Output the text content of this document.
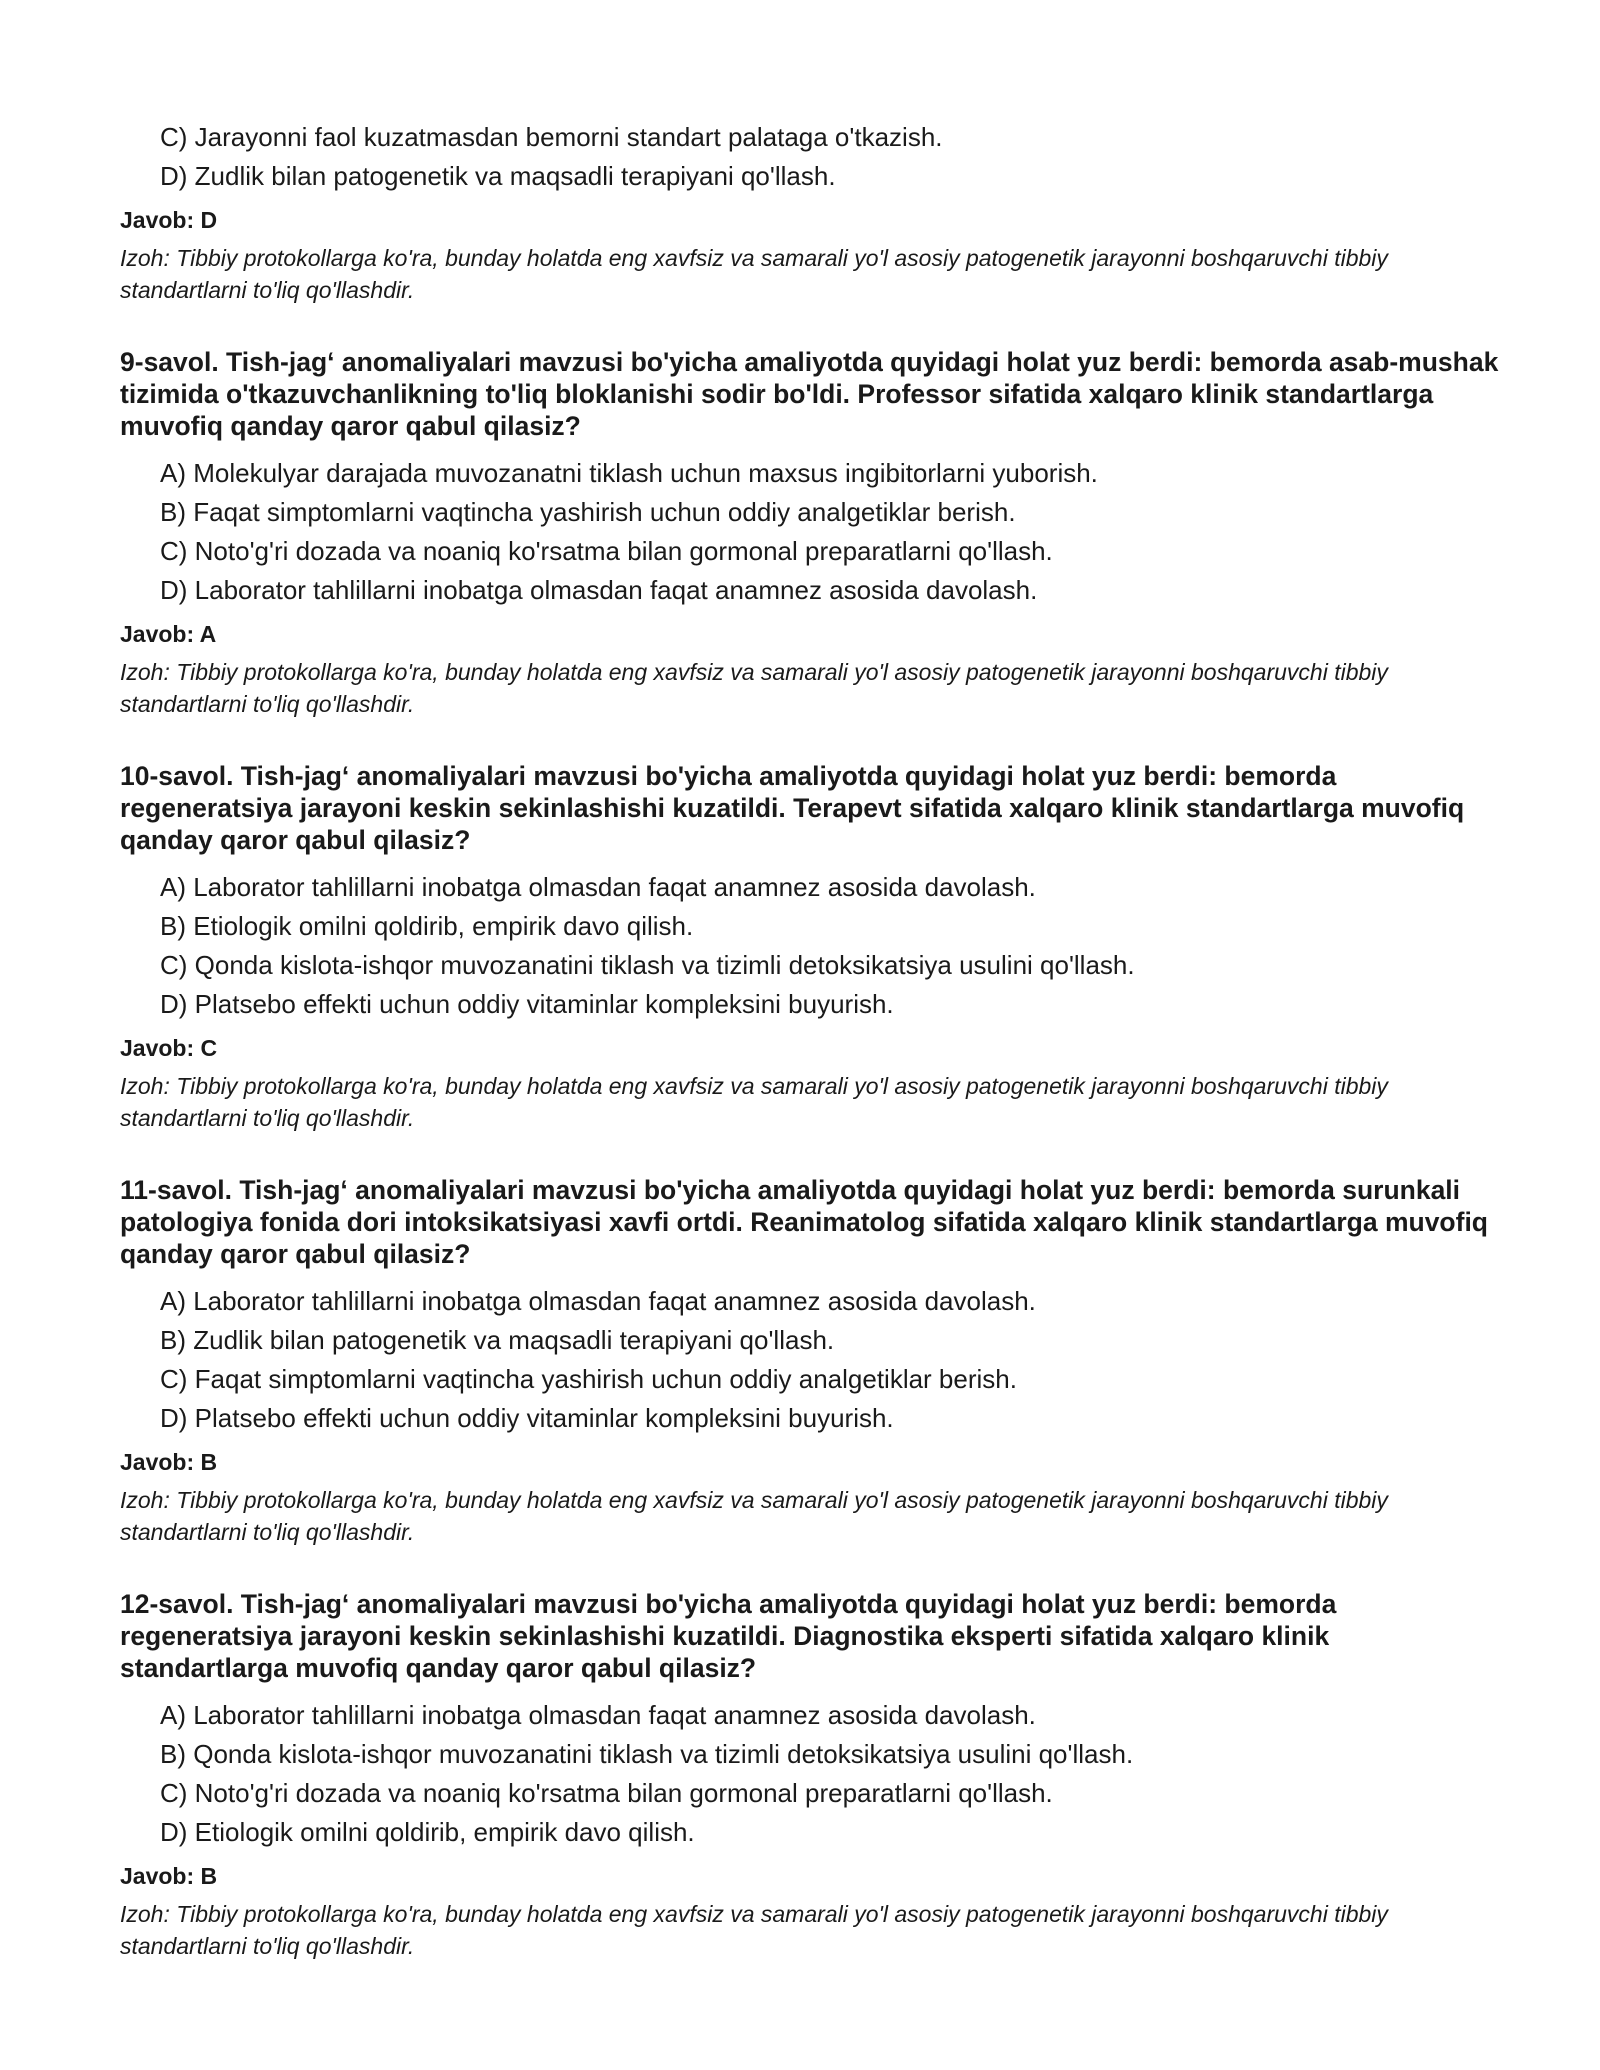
C) Jarayonni faol kuzatmasdan bemorni standart palataga o'tkazish.
D) Zudlik bilan patogenetik va maqsadli terapiyani qo'llash.
Javob: D
Izoh: Tibbiy protokollarga ko'ra, bunday holatda eng xavfsiz va samarali yo'l asosiy patogenetik jarayonni boshqaruvchi tibbiy standartlarni to'liq qo'llashdir.
9-savol. Tish-jag‘ anomaliyalari mavzusi bo'yicha amaliyotda quyidagi holat yuz berdi: bemorda asab-mushak tizimida o'tkazuvchanlikning to'liq bloklanishi sodir bo'ldi. Professor sifatida xalqaro klinik standartlarga muvofiq qanday qaror qabul qilasiz?
A) Molekulyar darajada muvozanatni tiklash uchun maxsus ingibitorlarni yuborish.
B) Faqat simptomlarni vaqtincha yashirish uchun oddiy analgetiklar berish.
C) Noto'g'ri dozada va noaniq ko'rsatma bilan gormonal preparatlarni qo'llash.
D) Laborator tahlillarni inobatga olmasdan faqat anamnez asosida davolash.
Javob: A
Izoh: Tibbiy protokollarga ko'ra, bunday holatda eng xavfsiz va samarali yo'l asosiy patogenetik jarayonni boshqaruvchi tibbiy standartlarni to'liq qo'llashdir.
10-savol. Tish-jag‘ anomaliyalari mavzusi bo'yicha amaliyotda quyidagi holat yuz berdi: bemorda regeneratsiya jarayoni keskin sekinlashishi kuzatildi. Terapevt sifatida xalqaro klinik standartlarga muvofiq qanday qaror qabul qilasiz?
A) Laborator tahlillarni inobatga olmasdan faqat anamnez asosida davolash.
B) Etiologik omilni qoldirib, empirik davo qilish.
C) Qonda kislota-ishqor muvozanatini tiklash va tizimli detoksikatsiya usulini qo'llash.
D) Platsebo effekti uchun oddiy vitaminlar kompleksini buyurish.
Javob: C
Izoh: Tibbiy protokollarga ko'ra, bunday holatda eng xavfsiz va samarali yo'l asosiy patogenetik jarayonni boshqaruvchi tibbiy standartlarni to'liq qo'llashdir.
11-savol. Tish-jag‘ anomaliyalari mavzusi bo'yicha amaliyotda quyidagi holat yuz berdi: bemorda surunkali patologiya fonida dori intoksikatsiyasi xavfi ortdi. Reanimatolog sifatida xalqaro klinik standartlarga muvofiq qanday qaror qabul qilasiz?
A) Laborator tahlillarni inobatga olmasdan faqat anamnez asosida davolash.
B) Zudlik bilan patogenetik va maqsadli terapiyani qo'llash.
C) Faqat simptomlarni vaqtincha yashirish uchun oddiy analgetiklar berish.
D) Platsebo effekti uchun oddiy vitaminlar kompleksini buyurish.
Javob: B
Izoh: Tibbiy protokollarga ko'ra, bunday holatda eng xavfsiz va samarali yo'l asosiy patogenetik jarayonni boshqaruvchi tibbiy standartlarni to'liq qo'llashdir.
12-savol. Tish-jag‘ anomaliyalari mavzusi bo'yicha amaliyotda quyidagi holat yuz berdi: bemorda regeneratsiya jarayoni keskin sekinlashishi kuzatildi. Diagnostika eksperti sifatida xalqaro klinik standartlarga muvofiq qanday qaror qabul qilasiz?
A) Laborator tahlillarni inobatga olmasdan faqat anamnez asosida davolash.
B) Qonda kislota-ishqor muvozanatini tiklash va tizimli detoksikatsiya usulini qo'llash.
C) Noto'g'ri dozada va noaniq ko'rsatma bilan gormonal preparatlarni qo'llash.
D) Etiologik omilni qoldirib, empirik davo qilish.
Javob: B
Izoh: Tibbiy protokollarga ko'ra, bunday holatda eng xavfsiz va samarali yo'l asosiy patogenetik jarayonni boshqaruvchi tibbiy standartlarni to'liq qo'llashdir.
